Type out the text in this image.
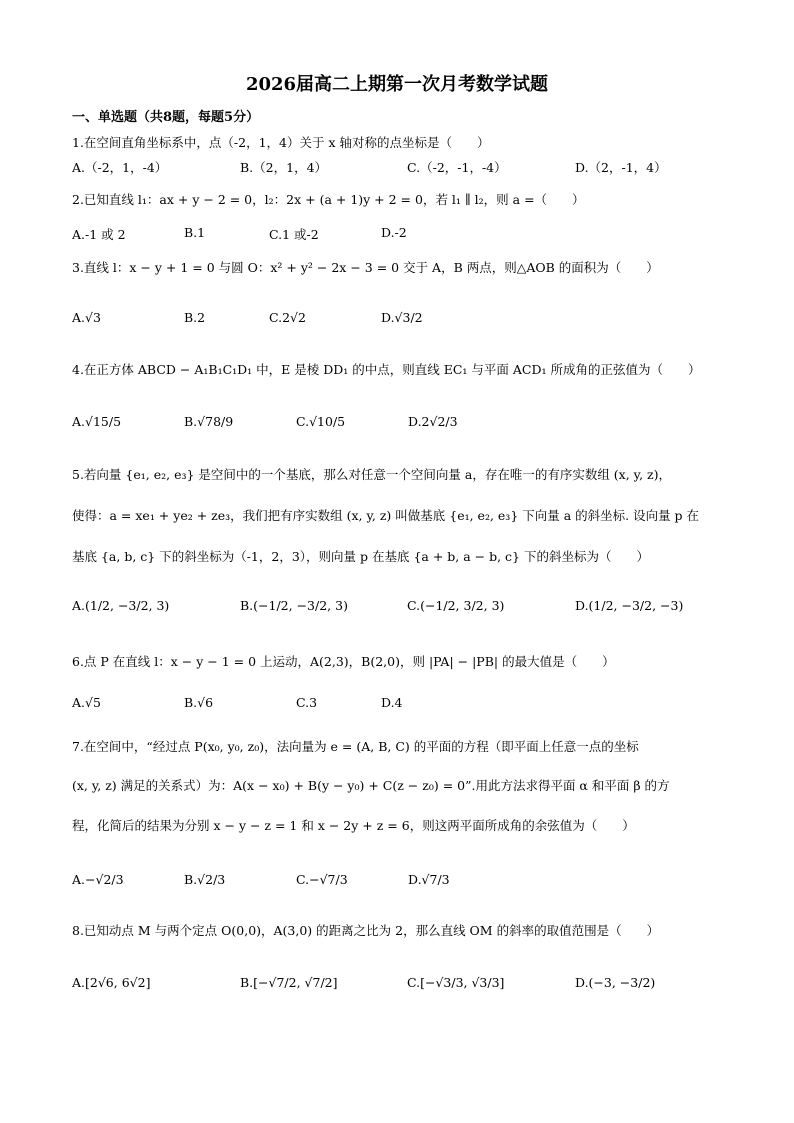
2026届高二上期第一次月考数学试题
一、单选题（共8题，每题5分）
1.在空间直角坐标系中，点（-2，1，4）关于 x 轴对称的点坐标是（　　）
A.（-2，1，-4）	B.（2，1，4）	C.（-2，-1，-4）	D.（2，-1，4）
2.已知直线 l₁：ax + y − 2 = 0，l₂：2x + (a + 1)y + 2 = 0，若 l₁ ∥ l₂，则 a =（　　）
A.-1 或 2	B.1	C.1 或-2	D.-2
3.直线 l：x − y + 1 = 0 与圆 O：x² + y² − 2x − 3 = 0 交于 A，B 两点，则△AOB 的面积为（　　）
A.√3	B.2	C.2√2	D.√3/2
4.在正方体 ABCD − A₁B₁C₁D₁ 中，E 是棱 DD₁ 的中点，则直线 EC₁ 与平面 ACD₁ 所成角的正弦值为（　　）
A.√15/5	B.√78/9	C.√10/5	D.2√2/3
5.若向量 {e₁, e₂, e₃} 是空间中的一个基底，那么对任意一个空间向量 a，存在唯一的有序实数组 (x, y, z)，
使得：a = xe₁ + ye₂ + ze₃，我们把有序实数组 (x, y, z) 叫做基底 {e₁, e₂, e₃} 下向量 a 的斜坐标. 设向量 p 在
基底 {a, b, c} 下的斜坐标为（-1，2，3），则向量 p 在基底 {a + b, a − b, c} 下的斜坐标为（　　）
A.(1/2, −3/2, 3)	B.(−1/2, −3/2, 3)	C.(−1/2, 3/2, 3)	D.(1/2, −3/2, −3)
6.点 P 在直线 l：x − y − 1 = 0 上运动，A(2,3)，B(2,0)，则 |PA| − |PB| 的最大值是（　　）
A.√5	B.√6	C.3	D.4
7.在空间中，“经过点 P(x₀, y₀, z₀)，法向量为 e = (A, B, C) 的平面的方程（即平面上任意一点的坐标
(x, y, z) 满足的关系式）为：A(x − x₀) + B(y − y₀) + C(z − z₀) = 0”.用此方法求得平面 α 和平面 β 的方
程，化简后的结果为分别 x − y − z = 1 和 x − 2y + z = 6，则这两平面所成角的余弦值为（　　）
A.−√2/3	B.√2/3	C.−√7/3	D.√7/3
8.已知动点 M 与两个定点 O(0,0)，A(3,0) 的距离之比为 2，那么直线 OM 的斜率的取值范围是（　　）
A.[2√6, 6√2]	B.[−√7/2, √7/2]	C.[−√3/3, √3/3]	D.(−3, −3/2)
